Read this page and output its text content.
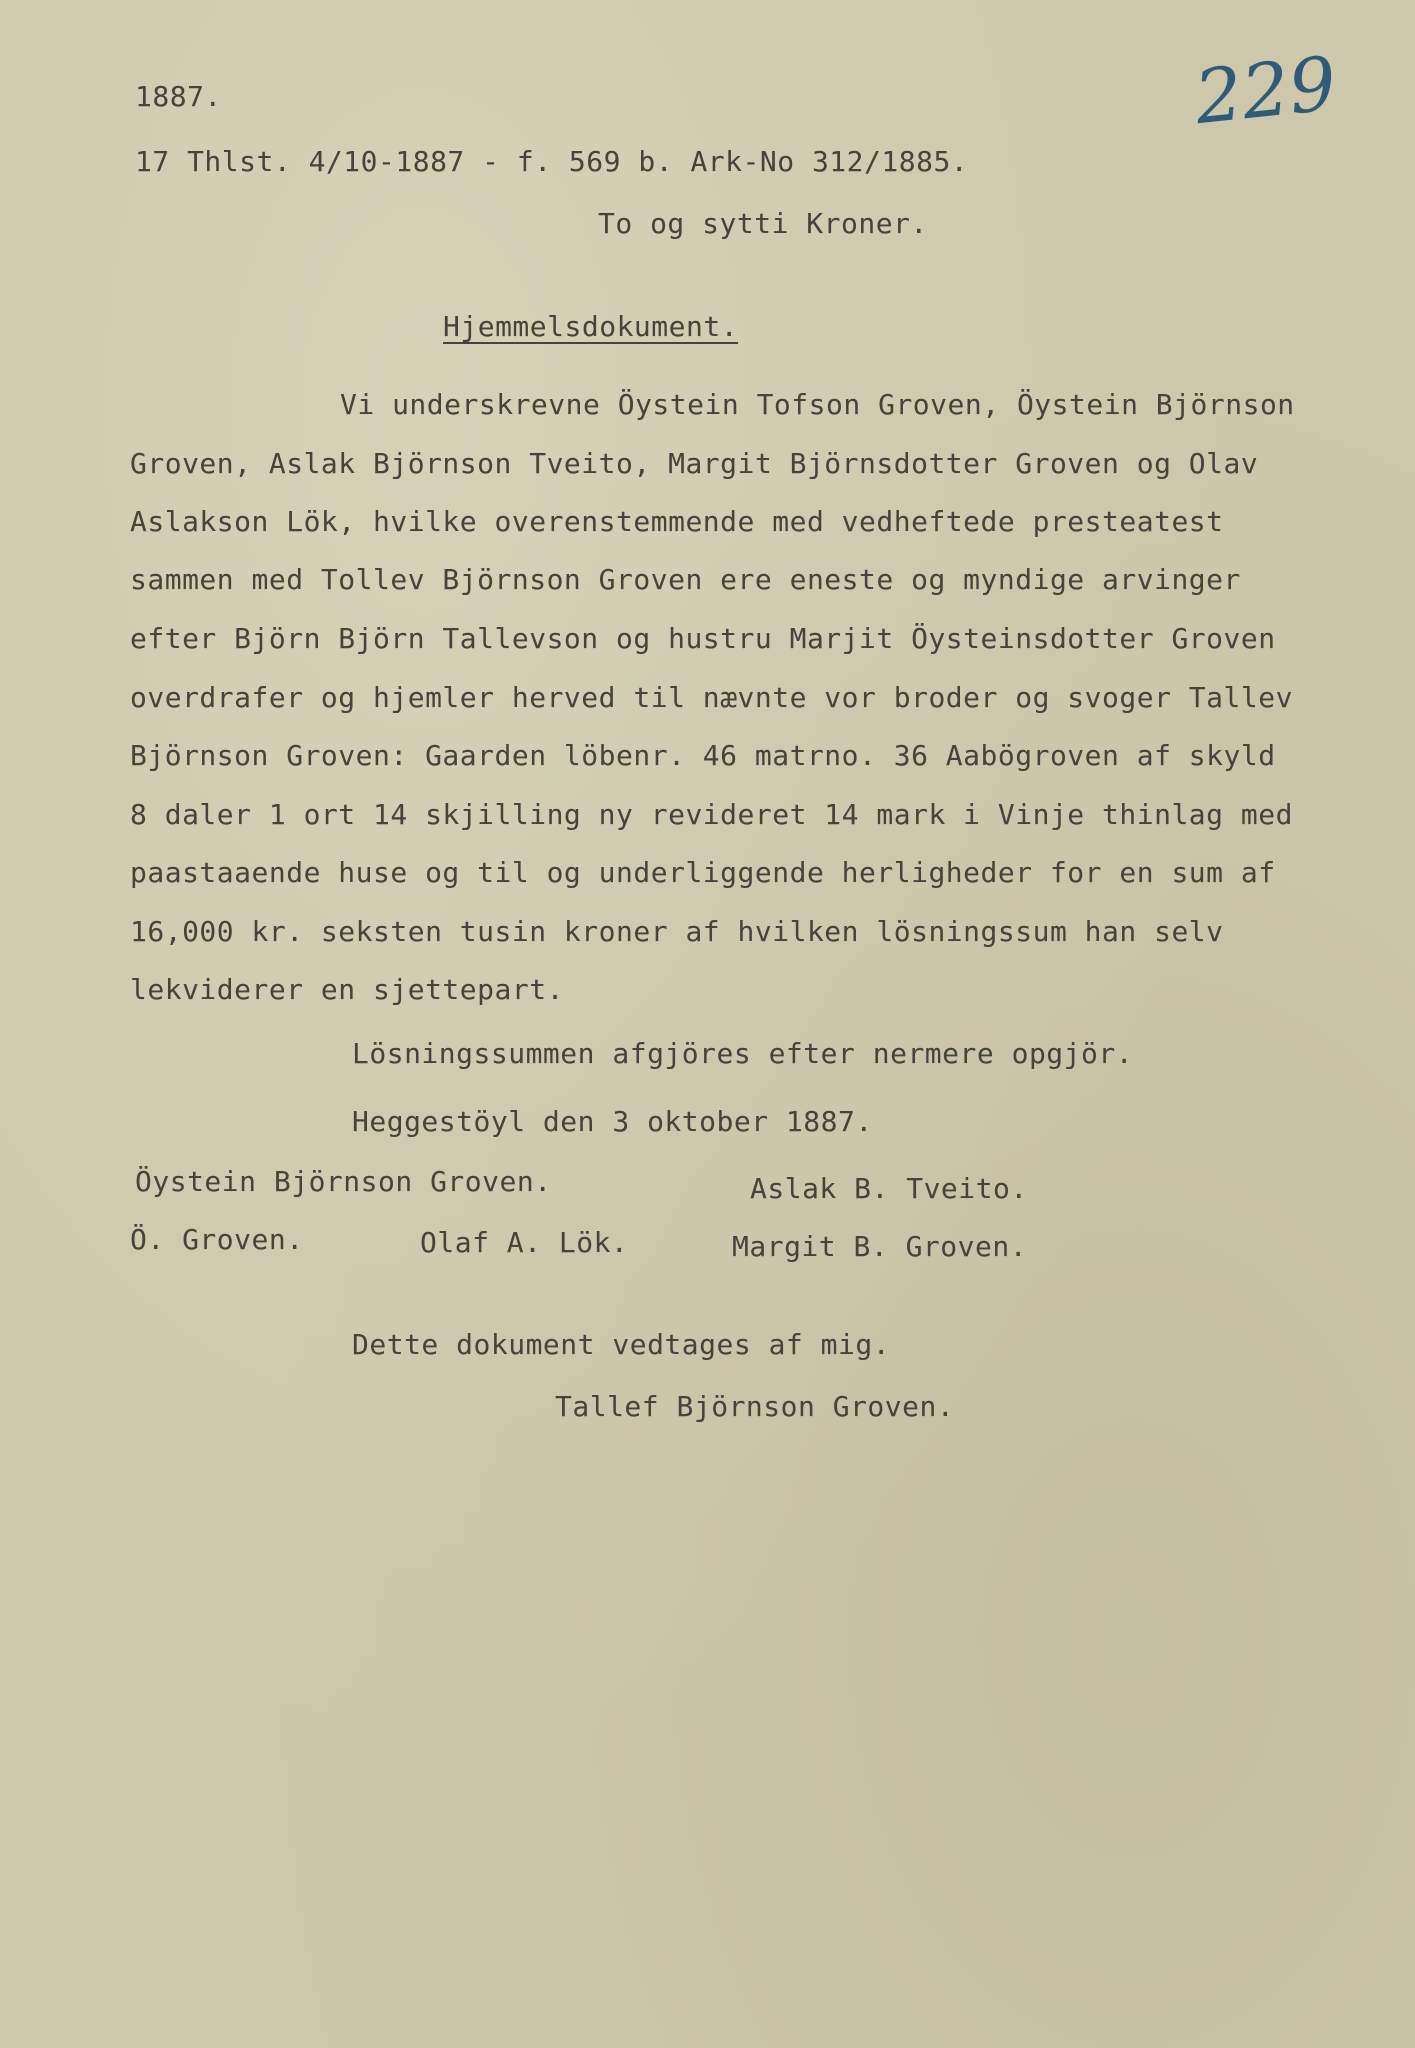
229
1887.
17 Thlst. 4/10-1887 - f. 569 b. Ark-No 312/1885.
To og sytti Kroner.
Hjemmelsdokument.
Vi underskrevne Öystein Tofson Groven, Öystein Björnson
Groven, Aslak Björnson Tveito, Margit Björnsdotter Groven og Olav
Aslakson Lök, hvilke overenstemmende med vedheftede presteatest
sammen med Tollev Björnson Groven ere eneste og myndige arvinger
efter Björn Björn Tallevson og hustru Marjit Öysteinsdotter Groven
overdrafer og hjemler herved til nævnte vor broder og svoger Tallev
Björnson Groven: Gaarden löbenr. 46 matrno. 36 Aabögroven af skyld
8 daler 1 ort 14 skjilling ny revideret 14 mark i Vinje thinlag med
paastaaende huse og til og underliggende herligheder for en sum af
16,000 kr. seksten tusin kroner af hvilken lösningssum han selv
lekviderer en sjettepart.
Lösningssummen afgjöres efter nermere opgjör.
Heggestöyl den 3 oktober 1887.
Öystein Björnson Groven.	Aslak B. Tveito.
Ö. Groven.	Olaf A. Lök.	Margit B. Groven.
Dette dokument vedtages af mig.
Tallef Björnson Groven.
